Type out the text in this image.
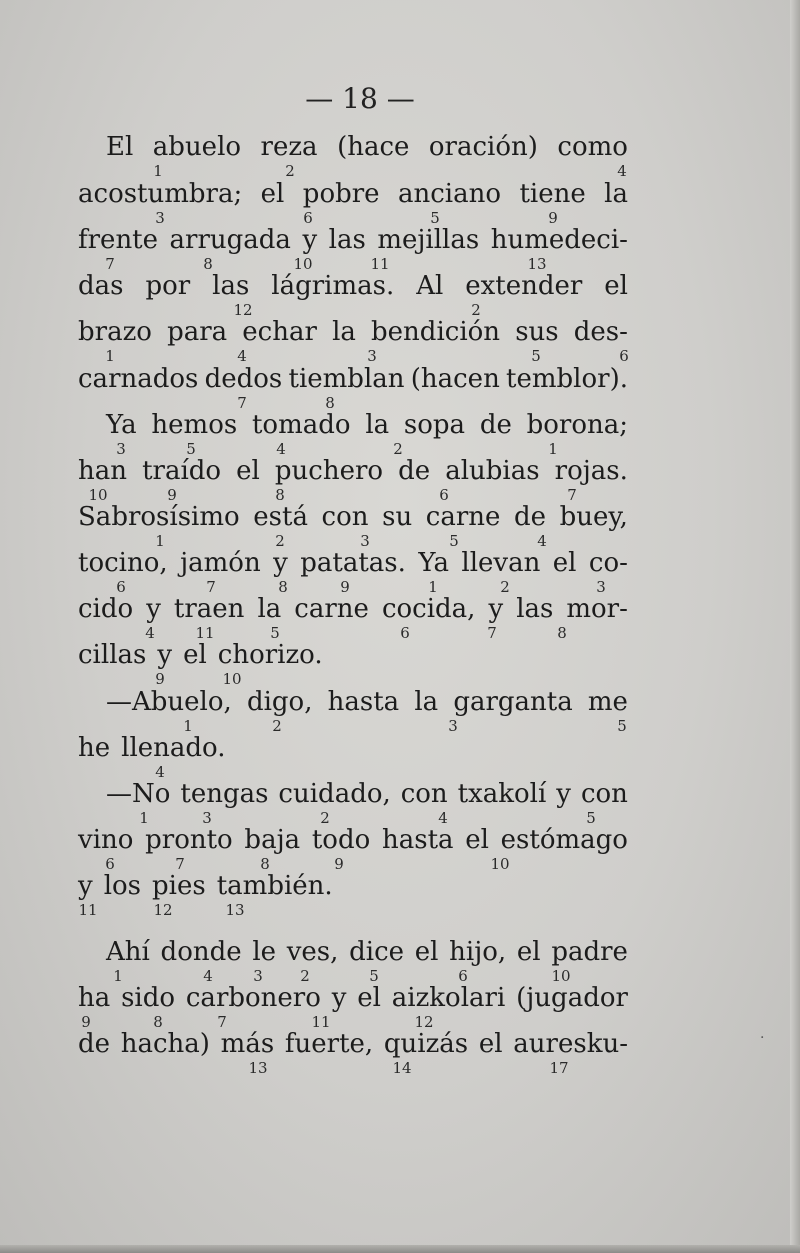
·
— 18 —
El abuelo reza (hace oración) como
1	2	4
acostumbra; el pobre anciano tiene la
3	6	5	9
frente arrugada y las mejillas humedeci-
7	8	10	11	13
das por las lágrimas. Al extender el
12	2
brazo para echar la bendición sus des-
1	4	3	5	6
carnados dedos tiemblan (hacen temblor).
7	8
Ya hemos tomado la sopa de borona;
3	5	4	2	1
han traído el puchero de alubias rojas.
10	9	8	6	7
Sabrosísimo está con su carne de buey,
1	2	3	5	4
tocino, jamón y patatas. Ya llevan el co-
6	7	8	9	1	2	3
cido y traen la carne cocida, y las mor-
4	11	5	6	7	8
cillas y el chorizo.
9	10
—Abuelo, digo, hasta la garganta me
1	2	3	5
he llenado.
4
—No tengas cuidado, con txakolí y con
1	3	2	4	5
vino pronto baja todo hasta el estómago
6	7	8	9	10
y los pies también.
11	12	13
Ahí donde le ves, dice el hijo, el padre
1	4	3 2	5	6	10
ha sido carbonero y el aizkolari (jugador
9	8	7	11	12
de hacha) más fuerte, quizás el auresku-
13	14	17
